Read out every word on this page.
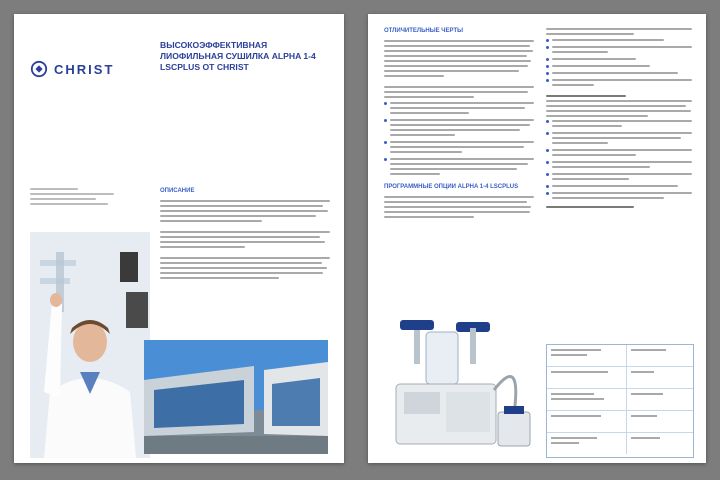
CHRIST
ВЫСОКОЭФФЕКТИВНАЯ ЛИОФИЛЬНАЯ СУШИЛКА ALPHA 1-4 LSCPLUS ОТ CHRIST
ОПИСАНИЕ
ОТЛИЧИТЕЛЬНЫЕ ЧЕРТЫ
ПРОГРАММНЫЕ ОПЦИИ ALPHA 1-4 LSCPLUS
